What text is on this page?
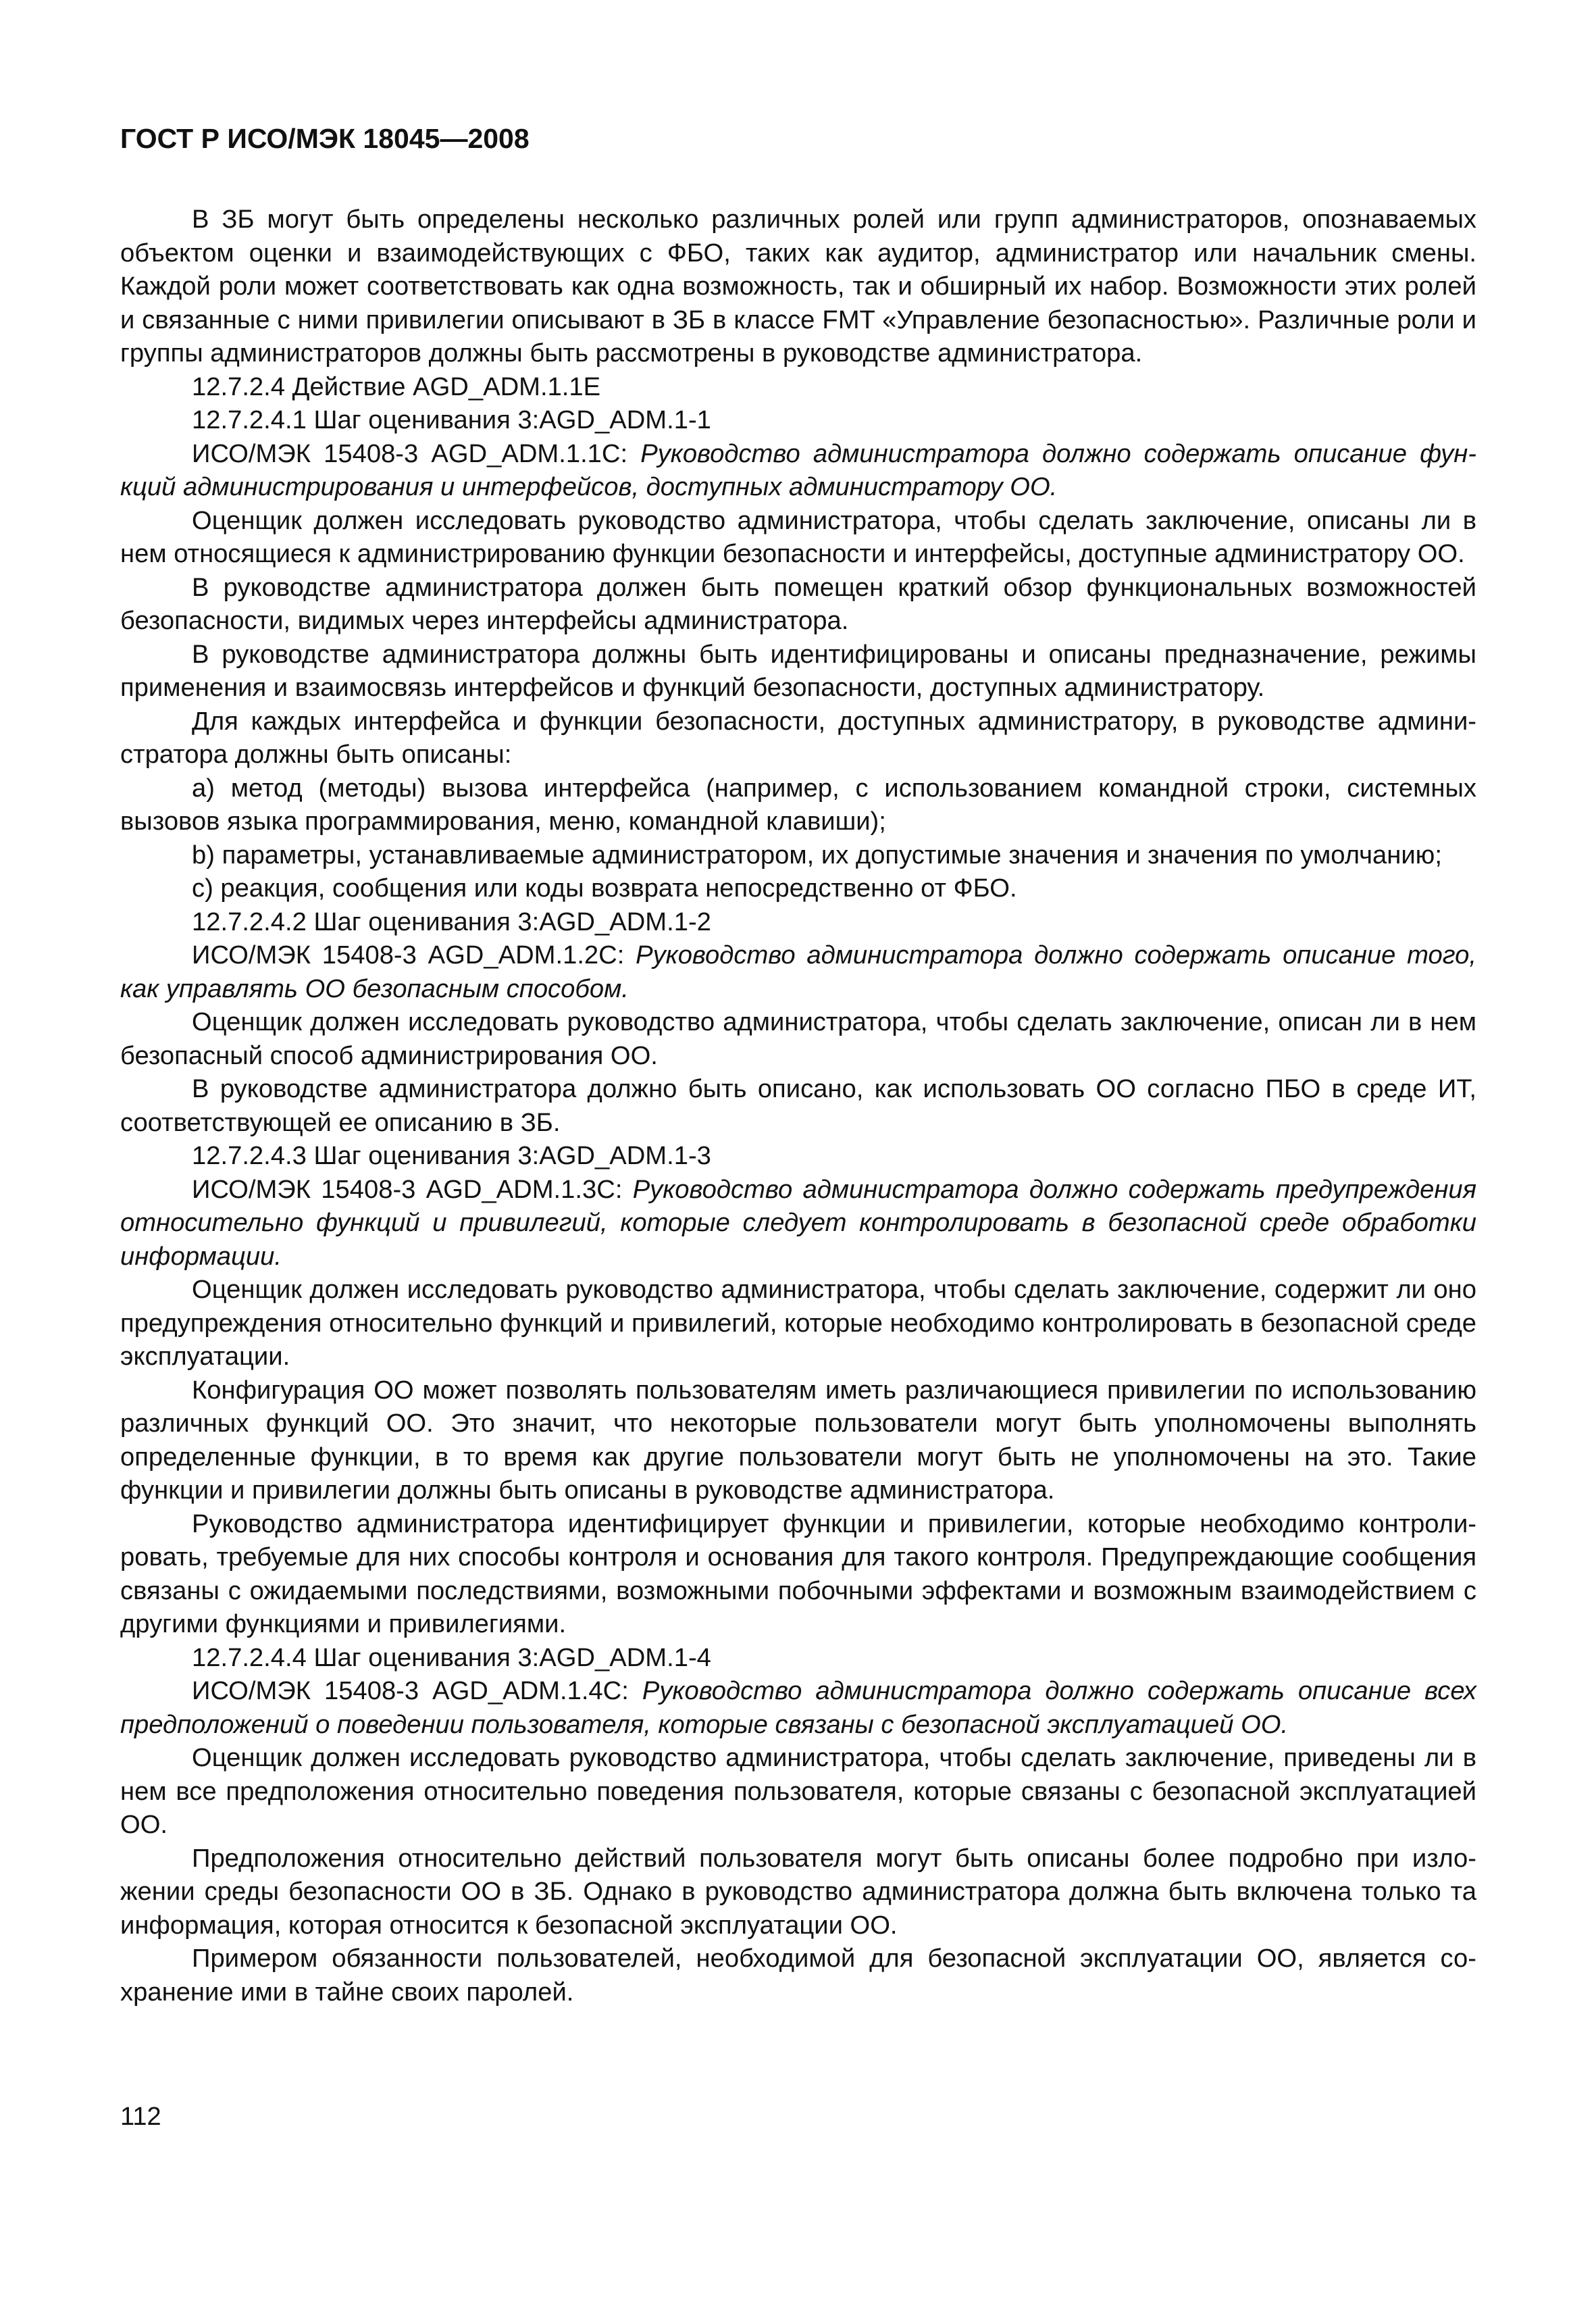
ГОСТ Р ИСО/МЭК 18045—2008

В ЗБ могут быть определены несколько различных ролей или групп администраторов, опознаваемых объектом оценки и взаимодействующих с ФБО, таких как аудитор, администратор или начальник смены. Каждой роли может соответствовать как одна возможность, так и обширный их набор. Возможности этих ролей и связанные с ними привилегии описывают в ЗБ в классе FMT «Управление безопасностью». Различные роли и группы администраторов должны быть рассмотрены в руководстве администратора.

12.7.2.4 Действие AGD_ADM.1.1E

12.7.2.4.1 Шаг оценивания 3:AGD_ADM.1-1

ИСО/МЭК 15408-3 AGD_ADM.1.1C: Руководство администратора должно содержать описание функций администрирования и интерфейсов, доступных администратору ОО.

Оценщик должен исследовать руководство администратора, чтобы сделать заключение, описаны ли в нем относящиеся к администрированию функции безопасности и интерфейсы, доступные администратору ОО.

В руководстве администратора должен быть помещен краткий обзор функциональных возможностей безопасности, видимых через интерфейсы администратора.

В руководстве администратора должны быть идентифицированы и описаны предназначение, режимы применения и взаимосвязь интерфейсов и функций безопасности, доступных администратору.

Для каждых интерфейса и функции безопасности, доступных администратору, в руководстве администратора должны быть описаны:

a) метод (методы) вызова интерфейса (например, с использованием командной строки, системных вызовов языка программирования, меню, командной клавиши);

b) параметры, устанавливаемые администратором, их допустимые значения и значения по умолчанию;

c) реакция, сообщения или коды возврата непосредственно от ФБО.

12.7.2.4.2 Шаг оценивания 3:AGD_ADM.1-2

ИСО/МЭК 15408-3 AGD_ADM.1.2C: Руководство администратора должно содержать описание того, как управлять ОО безопасным способом.

Оценщик должен исследовать руководство администратора, чтобы сделать заключение, описан ли в нем безопасный способ администрирования ОО.

В руководстве администратора должно быть описано, как использовать ОО согласно ПБО в среде ИТ, соответствующей ее описанию в ЗБ.

12.7.2.4.3 Шаг оценивания 3:AGD_ADM.1-3

ИСО/МЭК 15408-3 AGD_ADM.1.3C: Руководство администратора должно содержать предупреждения относительно функций и привилегий, которые следует контролировать в безопасной среде обработки информации.

Оценщик должен исследовать руководство администратора, чтобы сделать заключение, содержит ли оно предупреждения относительно функций и привилегий, которые необходимо контролировать в безопасной среде эксплуатации.

Конфигурация ОО может позволять пользователям иметь различающиеся привилегии по использованию различных функций ОО. Это значит, что некоторые пользователи могут быть уполномочены выполнять определенные функции, в то время как другие пользователи могут быть не уполномочены на это. Такие функции и привилегии должны быть описаны в руководстве администратора.

Руководство администратора идентифицирует функции и привилегии, которые необходимо контролировать, требуемые для них способы контроля и основания для такого контроля. Предупреждающие сообщения связаны с ожидаемыми последствиями, возможными побочными эффектами и возможным взаимодействием с другими функциями и привилегиями.

12.7.2.4.4 Шаг оценивания 3:AGD_ADM.1-4

ИСО/МЭК 15408-3 AGD_ADM.1.4C: Руководство администратора должно содержать описание всех предположений о поведении пользователя, которые связаны с безопасной эксплуатацией ОО.

Оценщик должен исследовать руководство администратора, чтобы сделать заключение, приведены ли в нем все предположения относительно поведения пользователя, которые связаны с безопасной эксплуатацией ОО.

Предположения относительно действий пользователя могут быть описаны более подробно при изложении среды безопасности ОО в ЗБ. Однако в руководство администратора должна быть включена только та информация, которая относится к безопасной эксплуатации ОО.

Примером обязанности пользователей, необходимой для безопасной эксплуатации ОО, является сохранение ими в тайне своих паролей.

112
